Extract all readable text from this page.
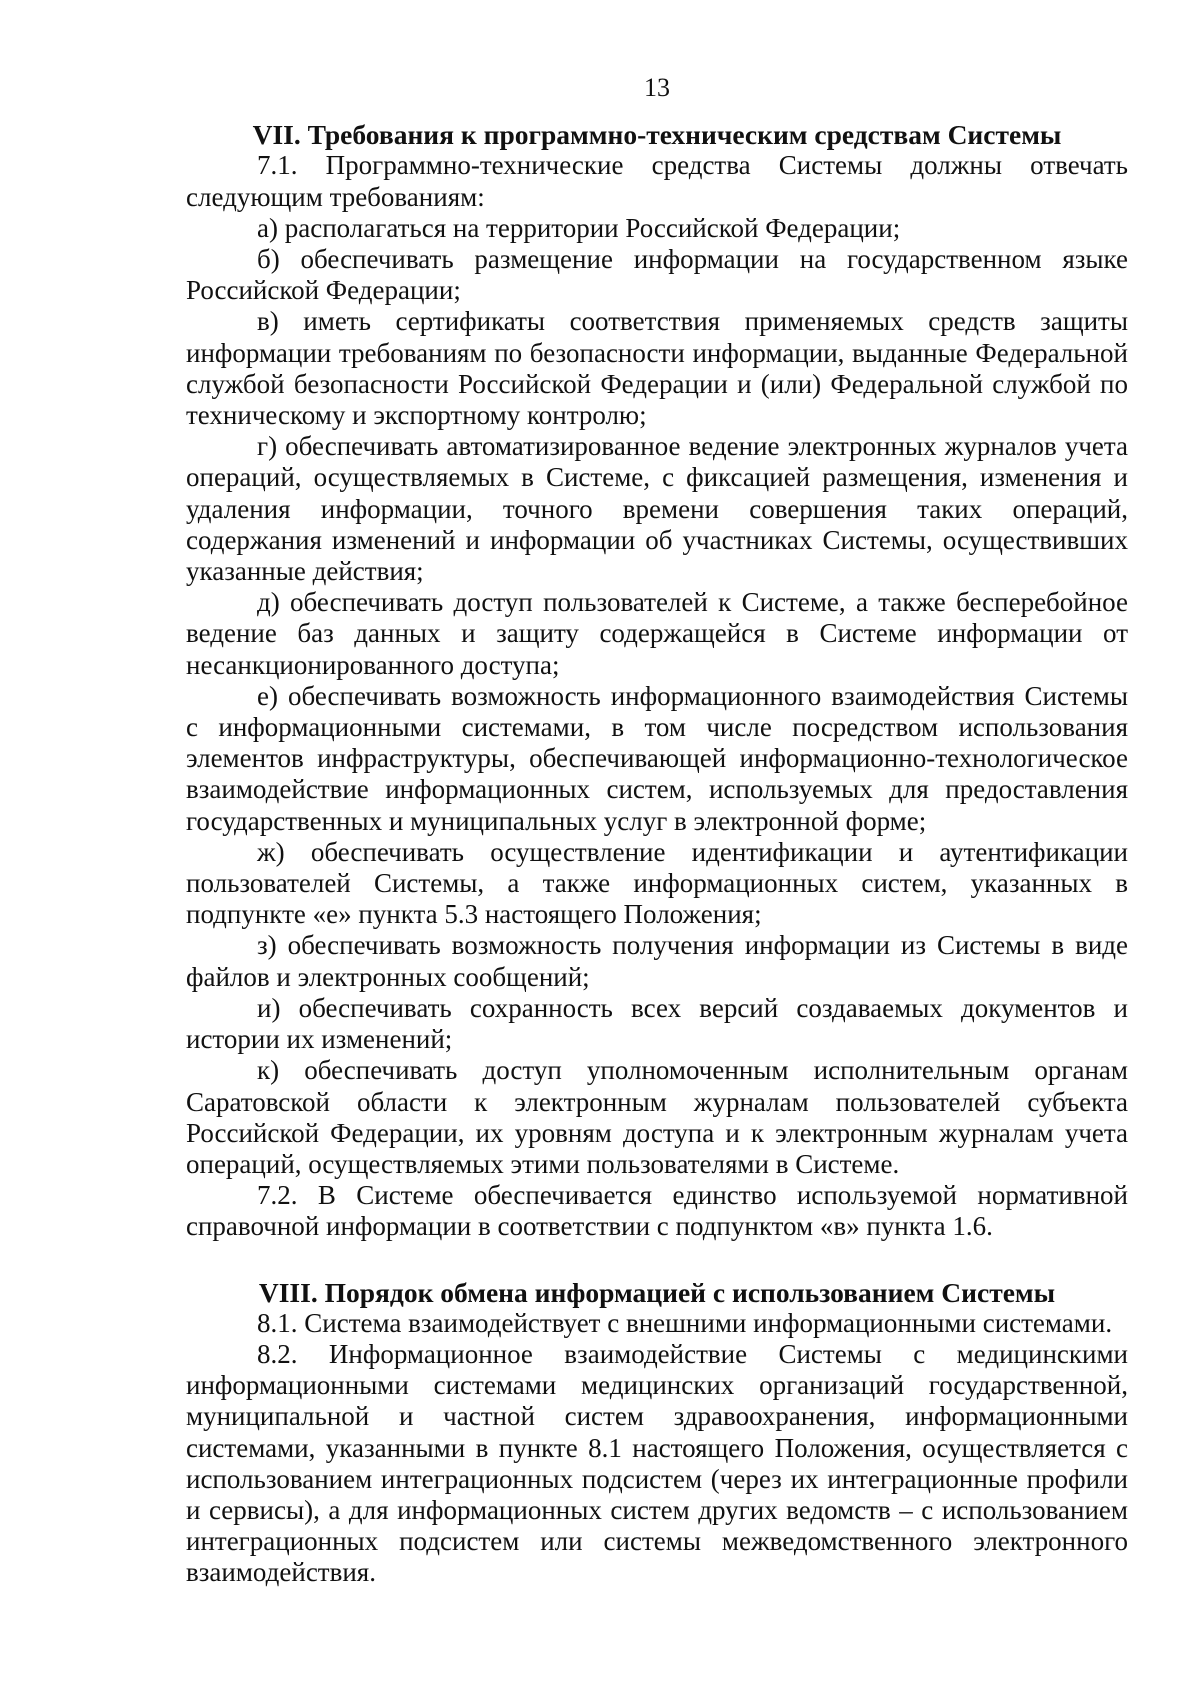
13
VII. Требования к программно-техническим средствам Системы

7.1. Программно-технические средства Системы должны отвечать следующим требованиям:

а) располагаться на территории Российской Федерации;

б) обеспечивать размещение информации на государственном языке Российской Федерации;

в) иметь сертификаты соответствия применяемых средств защиты информации требованиям по безопасности информации, выданные Федеральной службой безопасности Российской Федерации и (или) Федеральной службой по техническому и экспортному контролю;

г) обеспечивать автоматизированное ведение электронных журналов учета операций, осуществляемых в Системе, с фиксацией размещения, изменения и удаления информации, точного времени совершения таких операций, содержания изменений и информации об участниках Системы, осуществивших указанные действия;

д) обеспечивать доступ пользователей к Системе, а также бесперебойное ведение баз данных и защиту содержащейся в Системе информации от несанкционированного доступа;

е) обеспечивать возможность информационного взаимодействия Системы с информационными системами, в том числе посредством использования элементов инфраструктуры, обеспечивающей информационно-технологическое взаимодействие информационных систем, используемых для предоставления государственных и муниципальных услуг в электронной форме;

ж) обеспечивать осуществление идентификации и аутентификации пользователей Системы, а также информационных систем, указанных в подпункте «е» пункта 5.3 настоящего Положения;

з) обеспечивать возможность получения информации из Системы в виде файлов и электронных сообщений;

и) обеспечивать сохранность всех версий создаваемых документов и истории их изменений;

к) обеспечивать доступ уполномоченным исполнительным органам Саратовской области к электронным журналам пользователей субъекта Российской Федерации, их уровням доступа и к электронным журналам учета операций, осуществляемых этими пользователями в Системе.

7.2. В Системе обеспечивается единство используемой нормативной справочной информации в соответствии с подпунктом «в» пункта 1.6.

VIII. Порядок обмена информацией с использованием Системы

8.1. Система взаимодействует с внешними информационными системами.

8.2. Информационное взаимодействие Системы с медицинскими информационными системами медицинских организаций государственной, муниципальной и частной систем здравоохранения, информационными системами, указанными в пункте 8.1 настоящего Положения, осуществляется с использованием интеграционных подсистем (через их интеграционные профили и сервисы), а для информационных систем других ведомств – с использованием интеграционных подсистем или системы межведомственного электронного взаимодействия.
